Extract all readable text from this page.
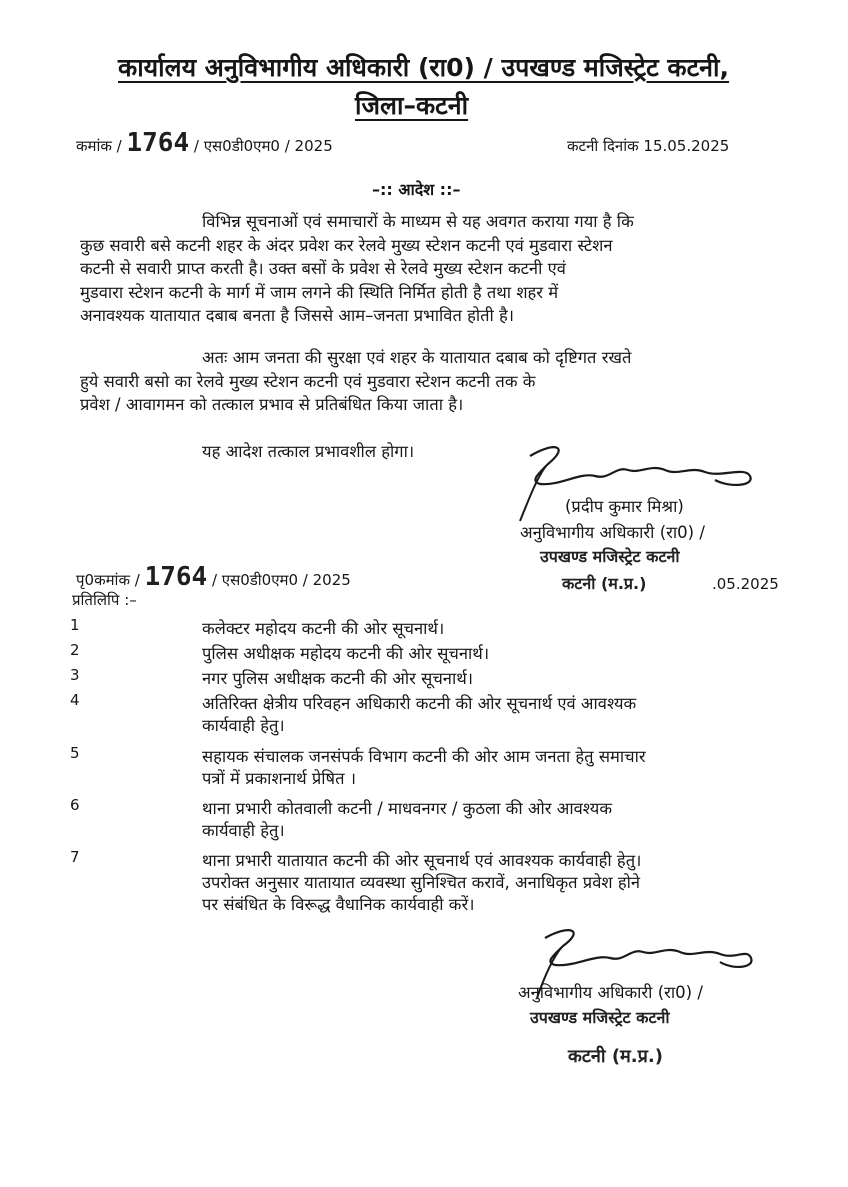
कार्यालय अनुविभागीय अधिकारी (रा0) / उपखण्ड मजिस्ट्रेट कटनी,
जिला–कटनी
कमांक / 1764 / एस0डी0एम0 / 2025	कटनी दिनांक 15.05.2025
–:: आदेश ::–
विभिन्न सूचनाओं एवं समाचारों के माध्यम से यह अवगत कराया गया है कि
कुछ सवारी बसे कटनी शहर के अंदर प्रवेश कर रेलवे मुख्य स्टेशन कटनी एवं मुडवारा स्टेशन
कटनी से सवारी प्राप्त करती है। उक्त बसों के प्रवेश से रेलवे मुख्य स्टेशन कटनी एवं
मुडवारा स्टेशन कटनी के मार्ग में जाम लगने की स्थिति निर्मित होती है तथा शहर में
अनावश्यक यातायात दबाब बनता है जिससे आम–जनता प्रभावित होती है।
अतः आम जनता की सुरक्षा एवं शहर के यातायात दबाब को दृष्टिगत रखते
हुये सवारी बसो का रेलवे मुख्य स्टेशन कटनी एवं मुडवारा स्टेशन कटनी तक के
प्रवेश / आवागमन को तत्काल प्रभाव से प्रतिबंधित किया जाता है।
यह आदेश तत्काल प्रभावशील होगा।
(प्रदीप कुमार मिश्रा)
अनुविभागीय अधिकारी (रा0) /
उपखण्ड मजिस्ट्रेट कटनी
कटनी (म.प्र.)	.05.2025
पृ0कमांक / 1764 / एस0डी0एम0 / 2025
प्रतिलिपि :–
1	कलेक्टर महोदय कटनी की ओर सूचनार्थ।
2	पुलिस अधीक्षक महोदय कटनी की ओर सूचनार्थ।
3	नगर पुलिस अधीक्षक कटनी की ओर सूचनार्थ।
4	अतिरिक्त क्षेत्रीय परिवहन अधिकारी कटनी की ओर सूचनार्थ एवं आवश्यक
कार्यवाही हेतु।
5	सहायक संचालक जनसंपर्क विभाग कटनी की ओर आम जनता हेतु समाचार
पत्रों में प्रकाशनार्थ प्रेषित ।
6	थाना प्रभारी कोतवाली कटनी / माधवनगर / कुठला की ओर आवश्यक
कार्यवाही हेतु।
7	थाना प्रभारी यातायात कटनी की ओर सूचनार्थ एवं आवश्यक कार्यवाही हेतु।
उपरोक्त अनुसार यातायात व्यवस्था सुनिश्चित करावें, अनाधिकृत प्रवेश होने
पर संबंधित के विरूद्ध वैधानिक कार्यवाही करें।
अनुविभागीय अधिकारी (रा0) /
उपखण्ड मजिस्ट्रेट कटनी
कटनी (म.प्र.)
